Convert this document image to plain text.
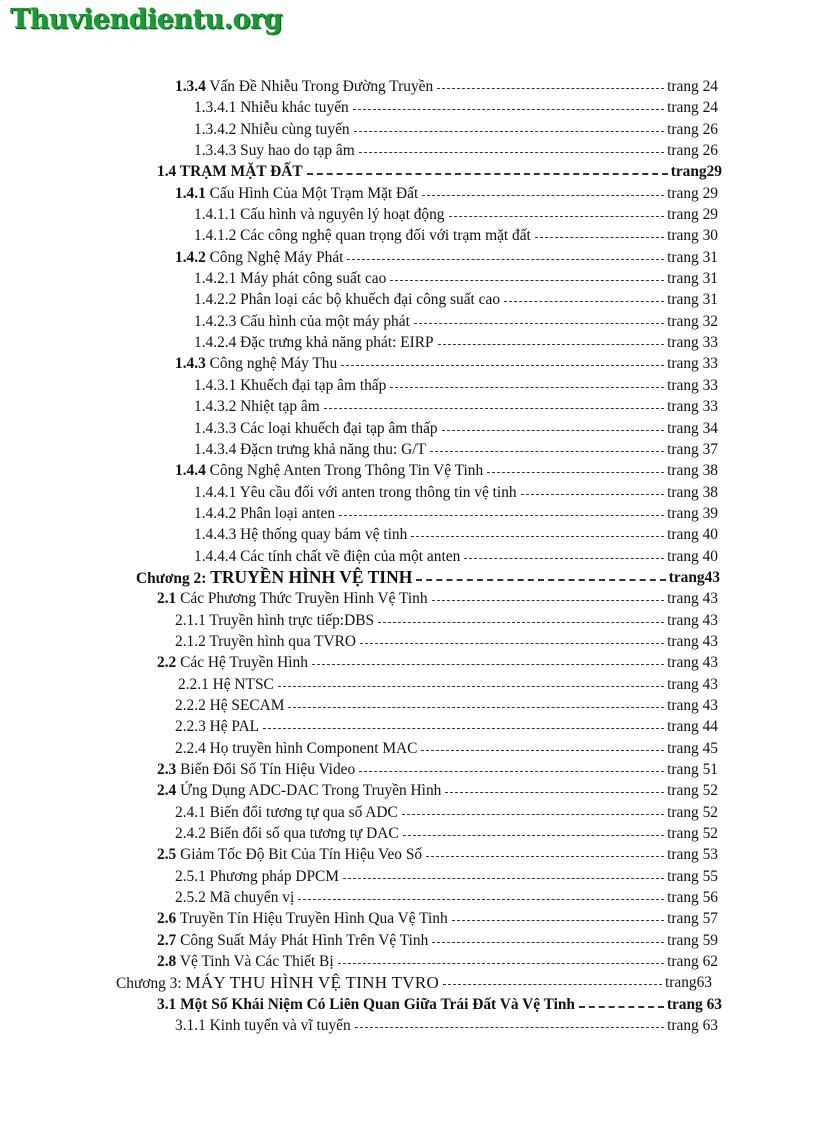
Thuviendientu.org
1.3.4 Vấn Đề Nhiễu Trong Đường Truyền	trang 24
1.3.4.1 Nhiễu khác tuyến	trang 24
1.3.4.2 Nhiễu cùng tuyến	trang 26
1.3.4.3 Suy hao do tạp âm	trang 26
1.4 TRẠM MẶT ĐẤT	trang29
1.4.1 Cấu Hình Của Một Trạm Mặt Đất	trang 29
1.4.1.1 Cấu hình và nguyên lý hoạt động	trang 29
1.4.1.2 Các công nghệ quan trọng đối với trạm mặt đất	trang 30
1.4.2 Công Nghệ Máy Phát	trang 31
1.4.2.1 Máy phát công suất cao	trang 31
1.4.2.2 Phân loại các bộ khuếch đại công suất cao	trang 31
1.4.2.3 Cấu hình của một máy phát	trang 32
1.4.2.4 Đặc trưng khả năng phát: EIRP	trang 33
1.4.3 Công nghệ Máy Thu	trang 33
1.4.3.1 Khuếch đại tạp âm thấp	trang 33
1.4.3.2 Nhiệt tạp âm	trang 33
1.4.3.3 Các loại khuếch đại tạp âm thấp	trang 34
1.4.3.4 Đặcn trưng khả năng thu: G/T	trang 37
1.4.4 Công Nghệ Anten Trong Thông Tin Vệ Tinh	trang 38
1.4.4.1 Yêu cầu đối với anten trong thông tin vệ tinh	trang 38
1.4.4.2 Phân loại anten	trang 39
1.4.4.3 Hệ thống quay bám vệ tinh	trang 40
1.4.4.4 Các tính chất về điện của một anten	trang 40
Chương 2: TRUYỀN HÌNH VỆ TINH	trang43
2.1 Các Phương Thức Truyền Hình Vệ Tinh	trang 43
2.1.1 Truyền hình trực tiếp:DBS	trang 43
2.1.2 Truyền hình qua TVRO	trang 43
2.2 Các Hệ Truyền Hình	trang 43
2.2.1 Hệ NTSC	trang 43
2.2.2 Hệ SECAM	trang 43
2.2.3 Hệ PAL	trang 44
2.2.4 Họ truyền hình Component MAC	trang 45
2.3 Biến Đổi Số Tín Hiệu Video	trang 51
2.4 Ứng Dụng ADC-DAC Trong Truyền Hình	trang 52
2.4.1 Biến đổi tương tự qua số ADC	trang 52
2.4.2 Biến đổi số qua tương tự DAC	trang 52
2.5 Giảm Tốc Độ Bit Của Tín Hiệu Veo Số	trang 53
2.5.1 Phương pháp DPCM	trang 55
2.5.2 Mã chuyển vị	trang 56
2.6 Truyền Tín Hiệu Truyền Hình Qua Vệ Tinh	trang 57
2.7 Công Suất Máy Phát Hình Trên Vệ Tinh	trang 59
2.8 Vệ Tinh Và Các Thiết Bị	trang 62
Chương 3: MÁY THU HÌNH VỆ TINH TVRO	trang63
3.1 Một Số Khái Niệm Có Liên Quan Giữa Trái Đất Và Vệ Tinh	trang 63
3.1.1 Kinh tuyến và vĩ tuyến	trang 63
